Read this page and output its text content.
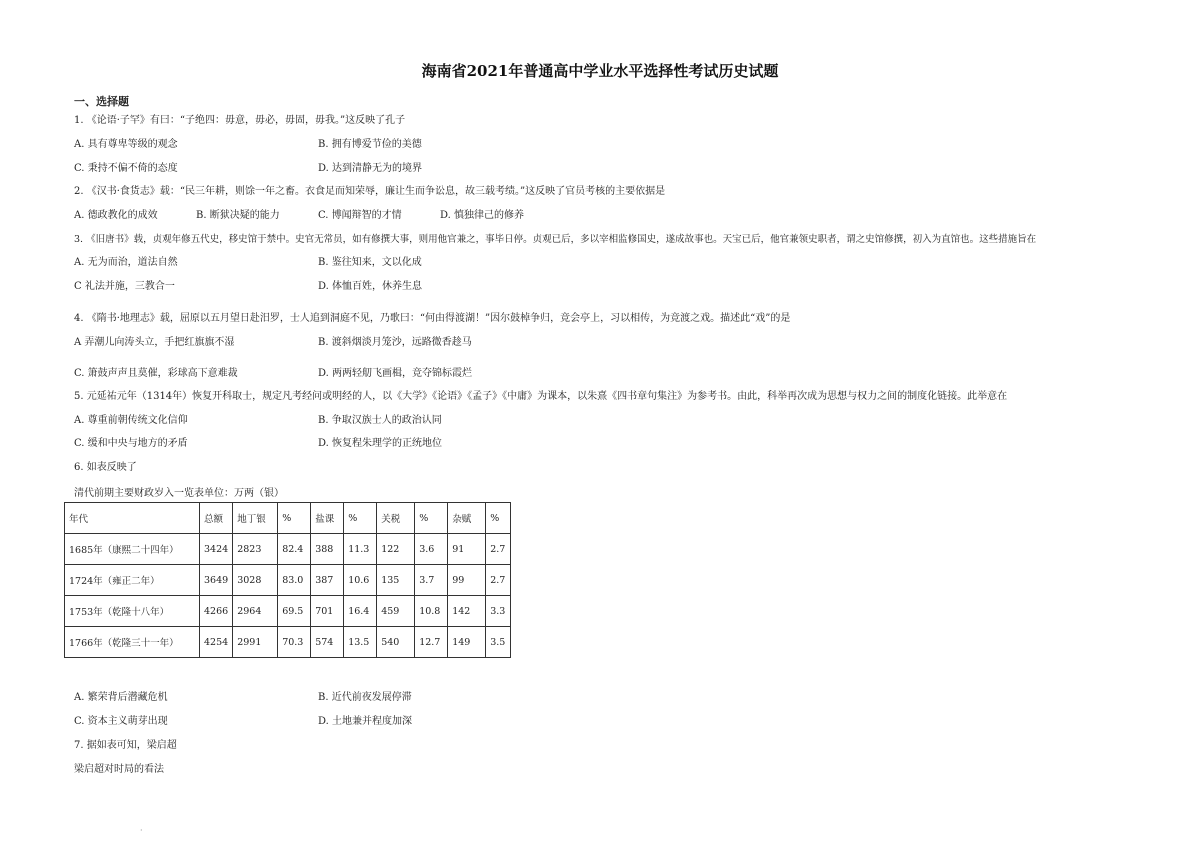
海南省2021年普通高中学业水平选择性考试历史试题
一、选择题
1. 《论语·子罕》有曰：“子绝四：毋意，毋必，毋固，毋我。”这反映了孔子
A. 具有尊卑等级的观念	B. 拥有博爱节俭的美德
C. 秉持不偏不倚的态度	D. 达到清静无为的境界
2. 《汉书·食货志》载：“民三年耕，则馀一年之畜。衣食足而知荣辱，廉让生而争讼息，故三载考绩。”这反映了官员考核的主要依据是
A. 德政教化的成效	B. 断狱决疑的能力	C. 博闻辩智的才情	D. 慎独律己的修养
3. 《旧唐书》载，贞观年修五代史，移史馆于禁中。史官无常员，如有修撰大事，则用他官兼之，事毕日停。贞观已后，多以宰相监修国史，遂成故事也。天宝已后，他官兼领史职者，谓之史馆修撰，初入为直馆也。这些措施旨在
A. 无为而治，道法自然	B. 鉴往知来，文以化成
C 礼法并施，三教合一	D. 体恤百姓，休养生息
4. 《隋书·地理志》载，屈原以五月望日赴汨罗，士人追到洞庭不见，乃歌曰：“何由得渡湖！”因尔鼓棹争归，竞会亭上，习以相传，为竞渡之戏。描述此“戏”的是
A 弄潮儿向涛头立，手把红旗旗不湿	B. 渡斜烟淡月笼沙，远路微香趁马
C. 箫鼓声声且莫催，彩球高下意难裁	D. 两两轻舠飞画楫，竞夺锦标霞烂
5. 元延祐元年（1314年）恢复开科取士，规定凡考经问或明经的人，以《大学》《论语》《孟子》《中庸》为课本，以朱熹《四书章句集注》为参考书。由此，科举再次成为思想与权力之间的制度化链接。此举意在
A. 尊重前朝传统文化信仰	B. 争取汉族士人的政治认同
C. 缓和中央与地方的矛盾	D. 恢复程朱理学的正统地位
6. 如表反映了
清代前期主要财政岁入一览表单位：万两（银）
年代	总额	地丁银	%	盐课	%	关税	%	杂赋	%
1685年（康熙二十四年）	3424	2823	82.4	388	11.3	122	3.6	91	2.7
1724年（雍正二年）	3649	3028	83.0	387	10.6	135	3.7	99	2.7
1753年（乾隆十八年）	4266	2964	69.5	701	16.4	459	10.8	142	3.3
1766年（乾隆三十一年）	4254	2991	70.3	574	13.5	540	12.7	149	3.5
A. 繁荣背后潜藏危机	B. 近代前夜发展停滞
C. 资本主义萌芽出现	D. 土地兼并程度加深
7. 据如表可知，梁启超
梁启超对时局的看法
·
